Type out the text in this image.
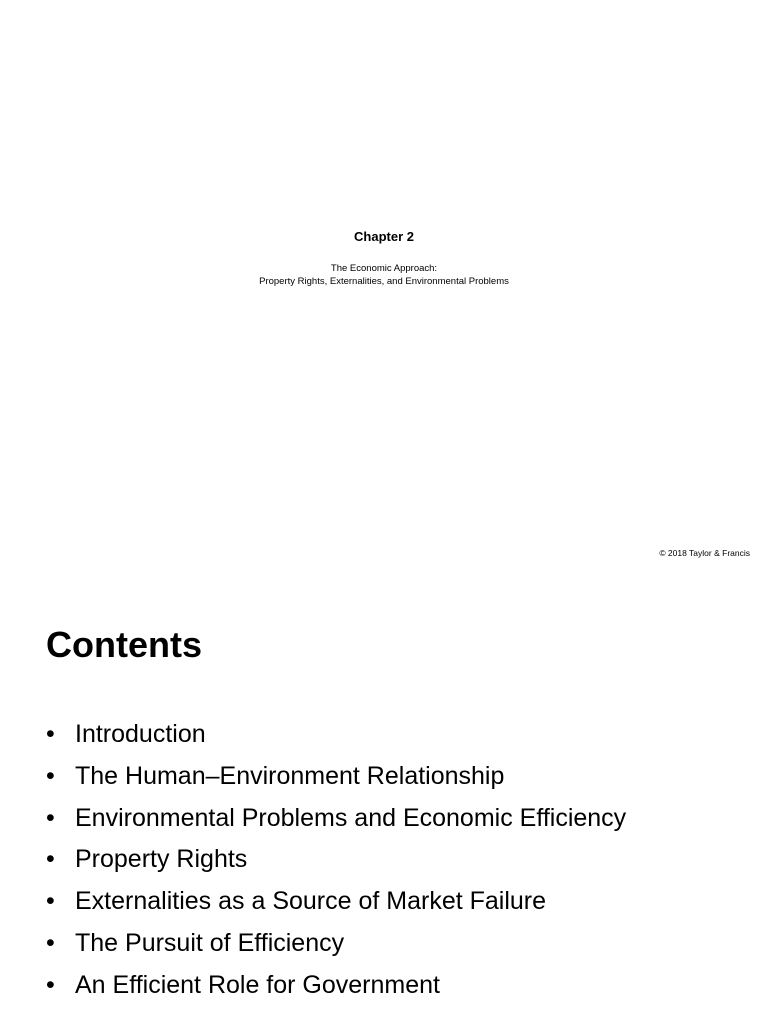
Chapter 2
The Economic Approach:
Property Rights, Externalities, and Environmental Problems
© 2018 Taylor & Francis
Contents
• Introduction
• The Human–Environment Relationship
• Environmental Problems and Economic Efficiency
• Property Rights
• Externalities as a Source of Market Failure
• The Pursuit of Efficiency
• An Efficient Role for Government
